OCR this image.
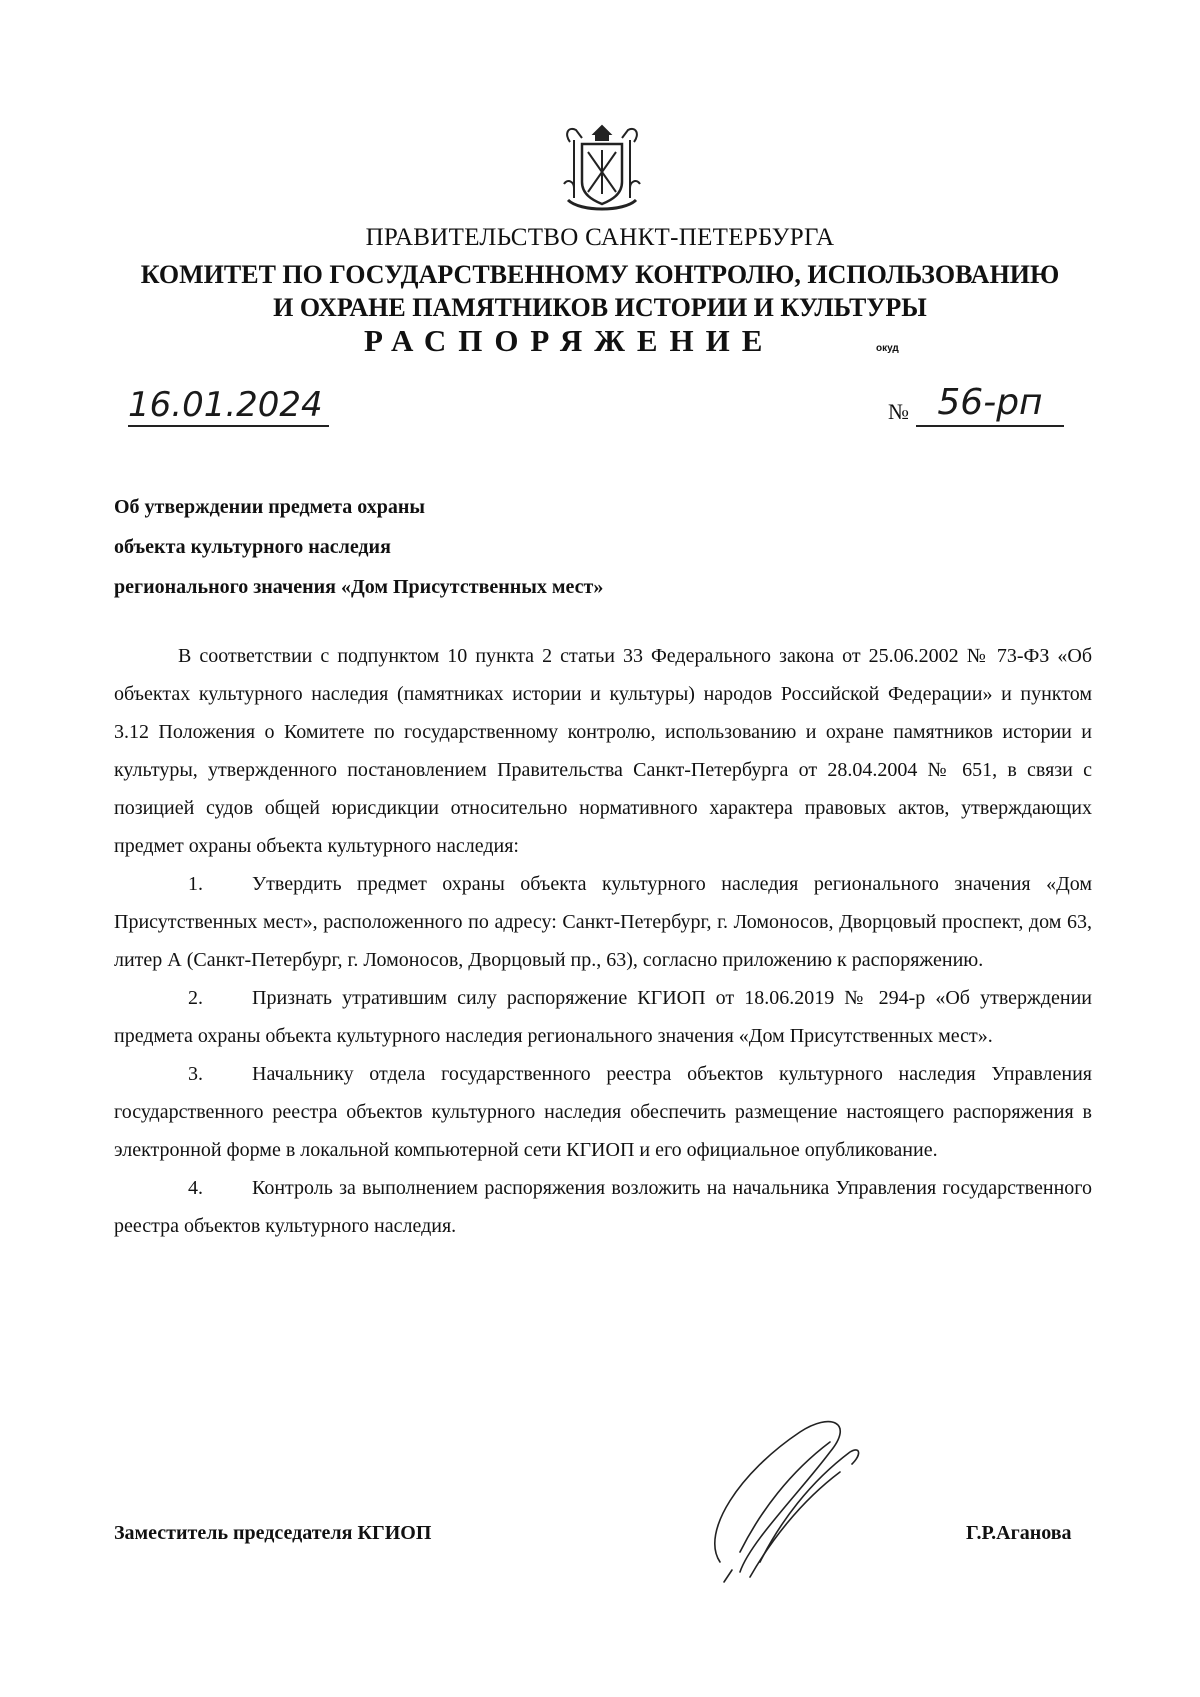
ПРАВИТЕЛЬСТВО САНКТ-ПЕТЕРБУРГА
КОМИТЕТ ПО ГОСУДАРСТВЕННОМУ КОНТРОЛЮ, ИСПОЛЬЗОВАНИЮ
И ОХРАНЕ ПАМЯТНИКОВ ИСТОРИИ И КУЛЬТУРЫ
РАСПОРЯЖЕНИЕ	окуд
16.01.2024	№ 56-рп
Об утверждении предмета охраны
объекта культурного наследия
регионального значения «Дом Присутственных мест»

В соответствии с подпунктом 10 пункта 2 статьи 33 Федерального закона от 25.06.2002 № 73-ФЗ «Об объектах культурного наследия (памятниках истории и культуры) народов Российской Федерации» и пунктом 3.12 Положения о Комитете по государственному контролю, использованию и охране памятников истории и культуры, утвержденного постановлением Правительства Санкт-Петербурга от 28.04.2004 № 651, в связи с позицией судов общей юрисдикции относительно нормативного характера правовых актов, утверждающих предмет охраны объекта культурного наследия:

1. Утвердить предмет охраны объекта культурного наследия регионального значения «Дом Присутственных мест», расположенного по адресу: Санкт-Петербург, г. Ломоносов, Дворцовый проспект, дом 63, литер А (Санкт-Петербург, г. Ломоносов, Дворцовый пр., 63), согласно приложению к распоряжению.

2. Признать утратившим силу распоряжение КГИОП от 18.06.2019 № 294-р «Об утверждении предмета охраны объекта культурного наследия регионального значения «Дом Присутственных мест».

3. Начальнику отдела государственного реестра объектов культурного наследия Управления государственного реестра объектов культурного наследия обеспечить размещение настоящего распоряжения в электронной форме в локальной компьютерной сети КГИОП и его официальное опубликование.

4. Контроль за выполнением распоряжения возложить на начальника Управления государственного реестра объектов культурного наследия.

Заместитель председателя КГИОП	Г.Р.Аганова
